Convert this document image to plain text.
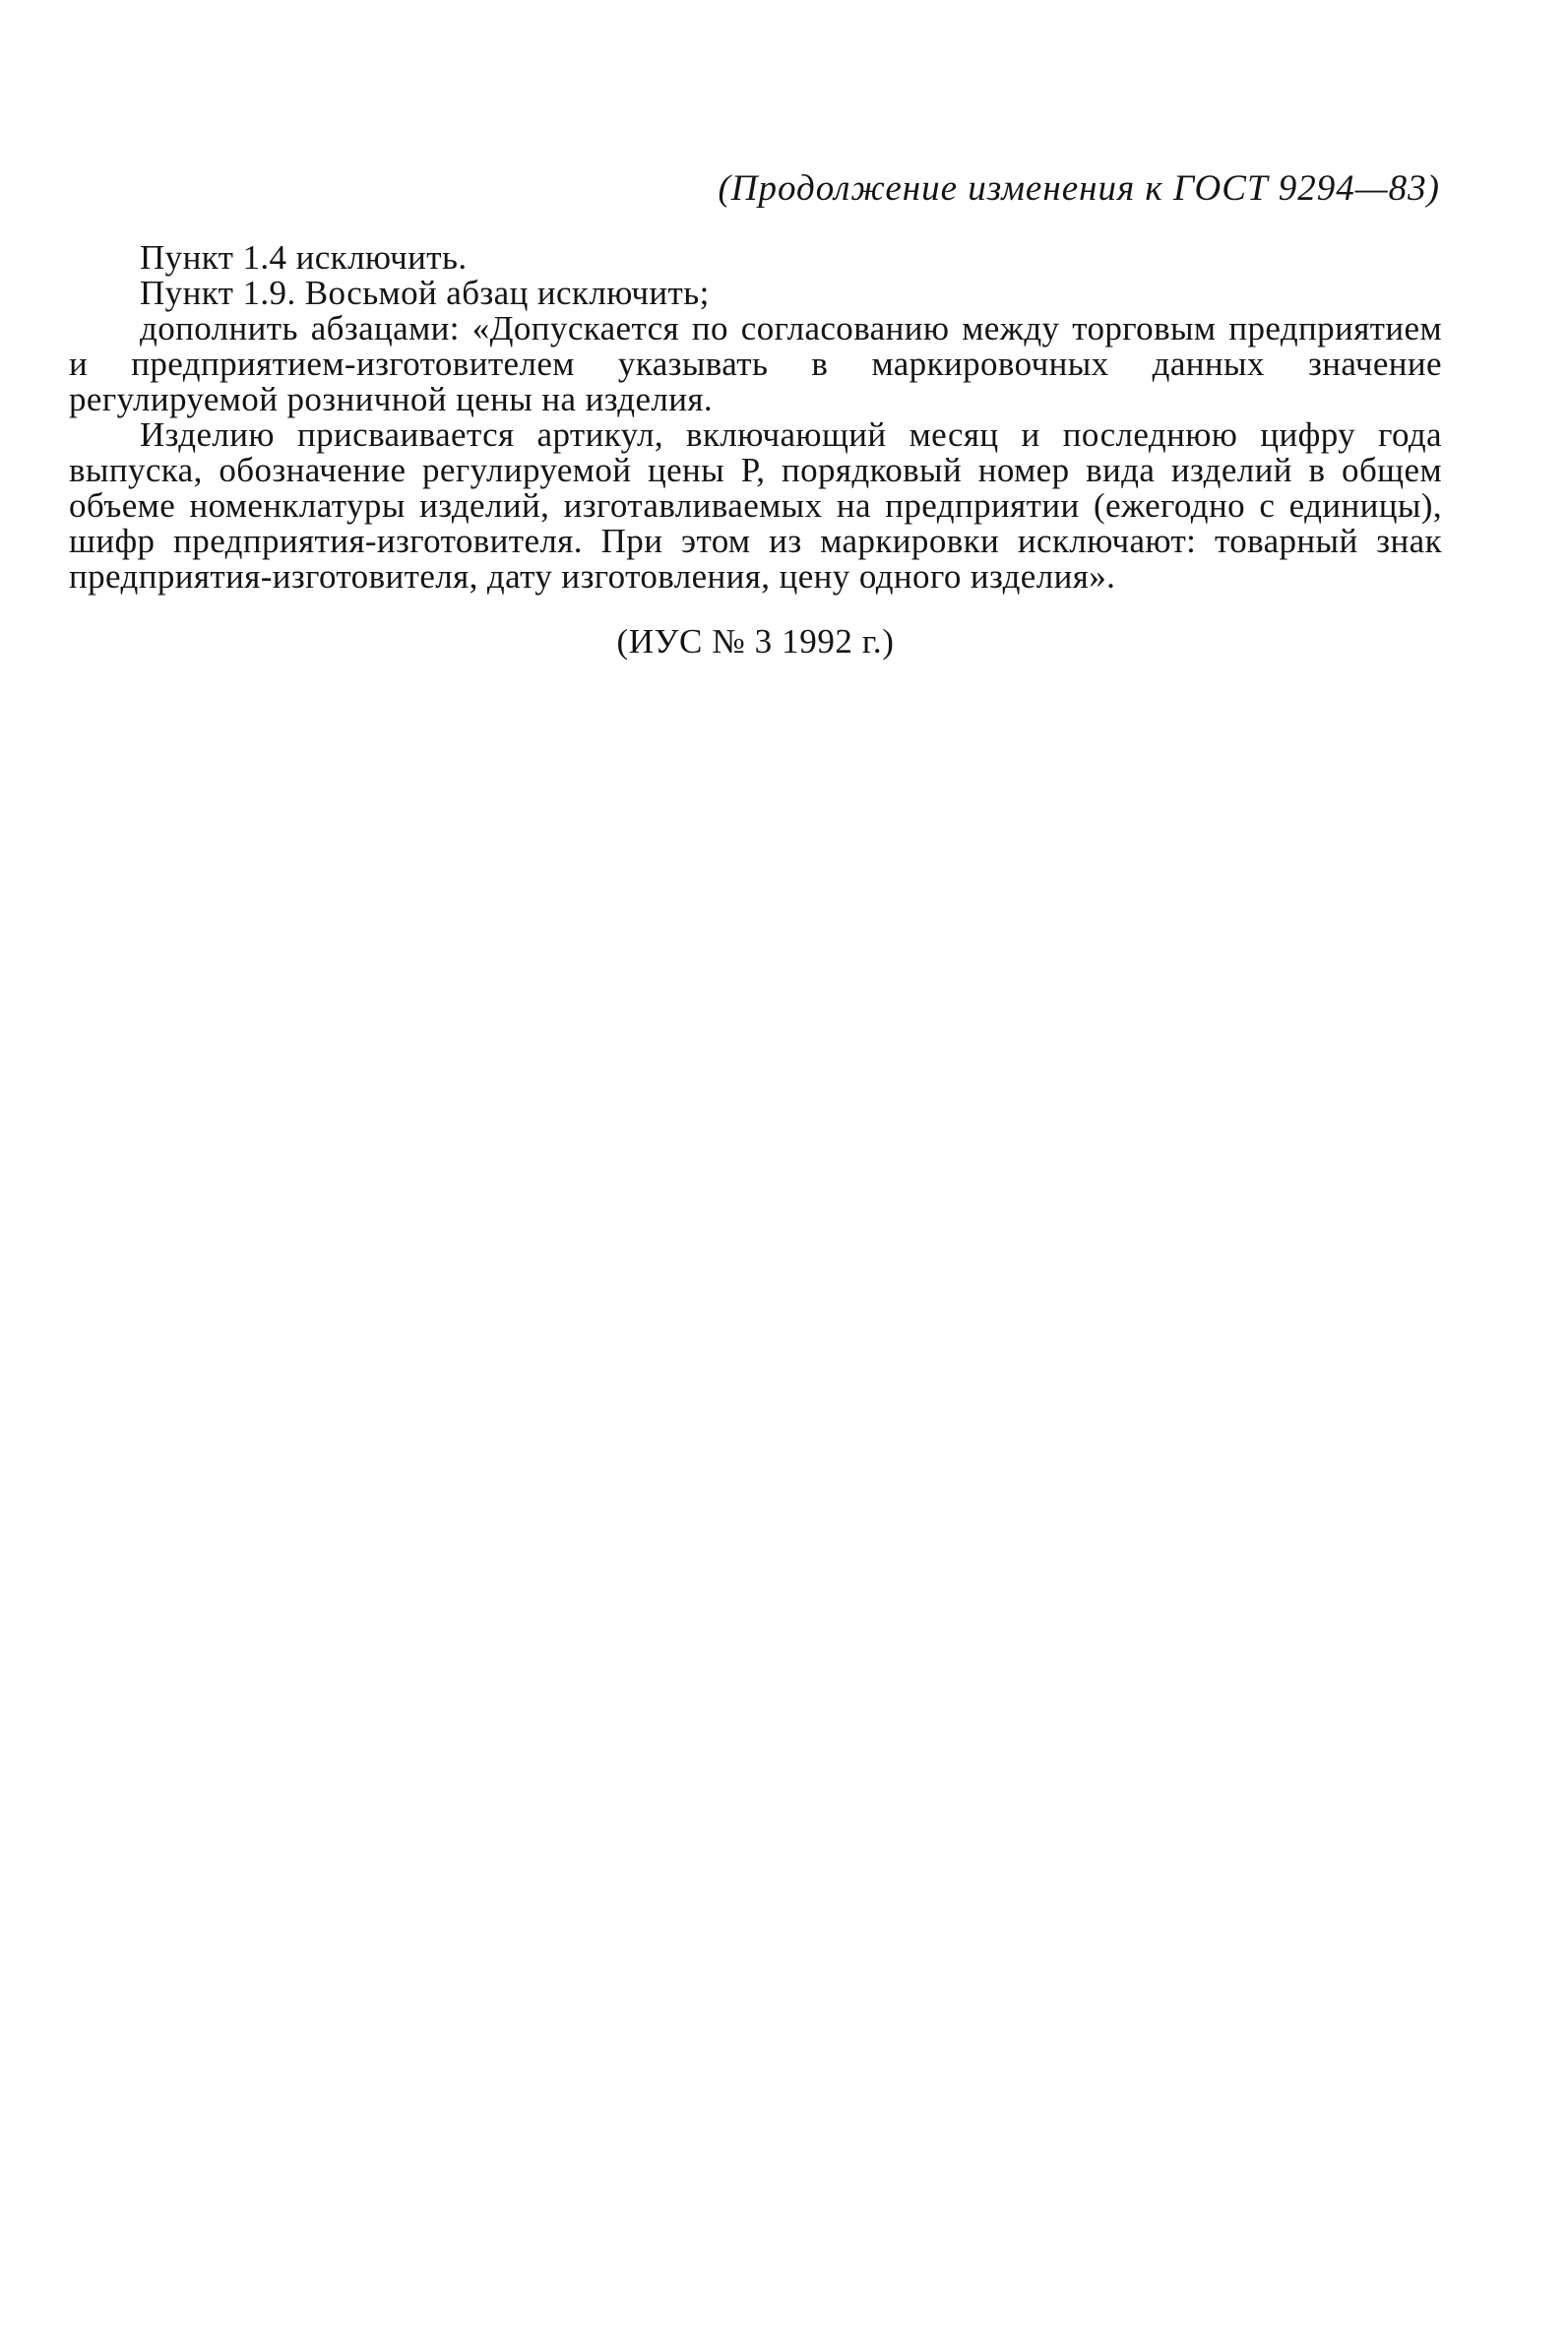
(Продолжение изменения к ГОСТ 9294—83)

Пункт 1.4 исключить.

Пункт 1.9. Восьмой абзац исключить;

дополнить абзацами: «Допускается по согласованию между торговым предприятием и предприятием-изготовителем указывать в маркировочных данных значение регулируемой розничной цены на изделия.

Изделию присваивается артикул, включающий месяц и последнюю цифру года выпуска, обозначение регулируемой цены Р, порядковый номер вида изделий в общем объеме номенклатуры изделий, изготавливаемых на предприятии (ежегодно с единицы), шифр предприятия-изготовителя. При этом из маркировки исключают: товарный знак предприятия-изготовителя, дату изготовления, цену одного изделия».

(ИУС № 3 1992 г.)
